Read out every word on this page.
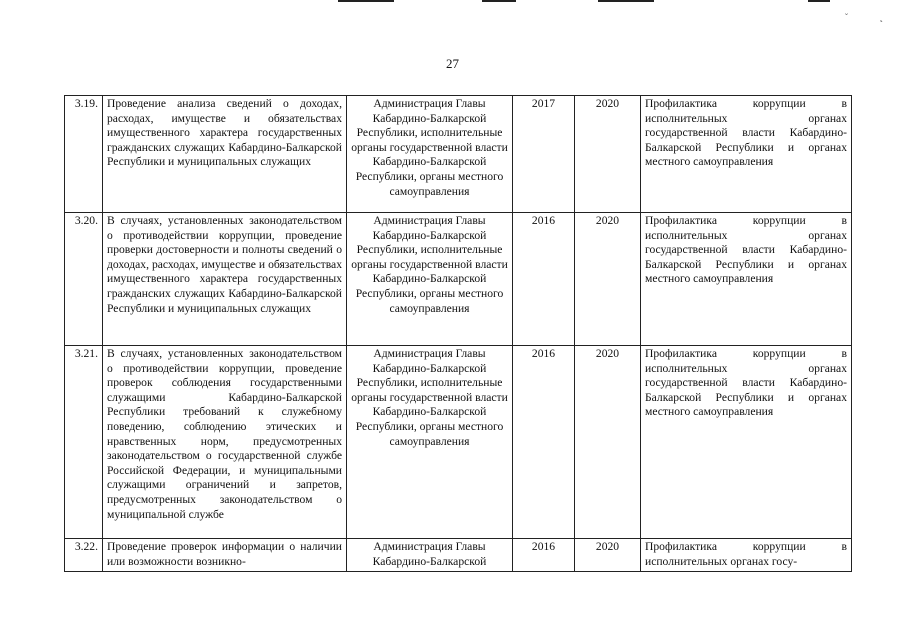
˘	˛
27
3.19.	Проведение анализа сведений о доходах, расходах, имуществе и обязательствах имущественного характера государственных гражданских служащих Кабардино-Балкарской Республики и муниципальных служащих	Администрация Главы Кабардино-Балкарской Республики, исполнительные органы государственной власти Кабардино-Балкарской Республики, органы местного самоуправления	2017	2020	Профилактика коррупции в исполнительных органах государственной власти Кабардино-Балкарской Республики и органах местного самоуправления
3.20.	В случаях, установленных законодательством о противодействии коррупции, проведение проверки достоверности и полноты сведений о доходах, расходах, имуществе и обязательствах имущественного характера государственных гражданских служащих Кабардино-Балкарской Республики и муниципальных служащих	Администрация Главы Кабардино-Балкарской Республики, исполнительные органы государственной власти Кабардино-Балкарской Республики, органы местного самоуправления	2016	2020	Профилактика коррупции в исполнительных органах государственной власти Кабардино-Балкарской Республики и органах местного самоуправления
3.21.	В случаях, установленных законодательством о противодействии коррупции, проведение проверок соблюдения государственными служащими Кабардино-Балкарской Республики требований к служебному поведению, соблюдению этических и нравственных норм, предусмотренных законодательством о государственной службе Российской Федерации, и муниципальными служащими ограничений и запретов, предусмотренных законодательством о муниципальной службе	Администрация Главы Кабардино-Балкарской Республики, исполнительные органы государственной власти Кабардино-Балкарской Республики, органы местного самоуправления	2016	2020	Профилактика коррупции в исполнительных органах государственной власти Кабардино-Балкарской Республики и органах местного самоуправления
3.22.	Проведение проверок информации о наличии или возможности возникно-	Администрация Главы Кабардино-Балкарской	2016	2020	Профилактика коррупции в исполнительных органах госу-
